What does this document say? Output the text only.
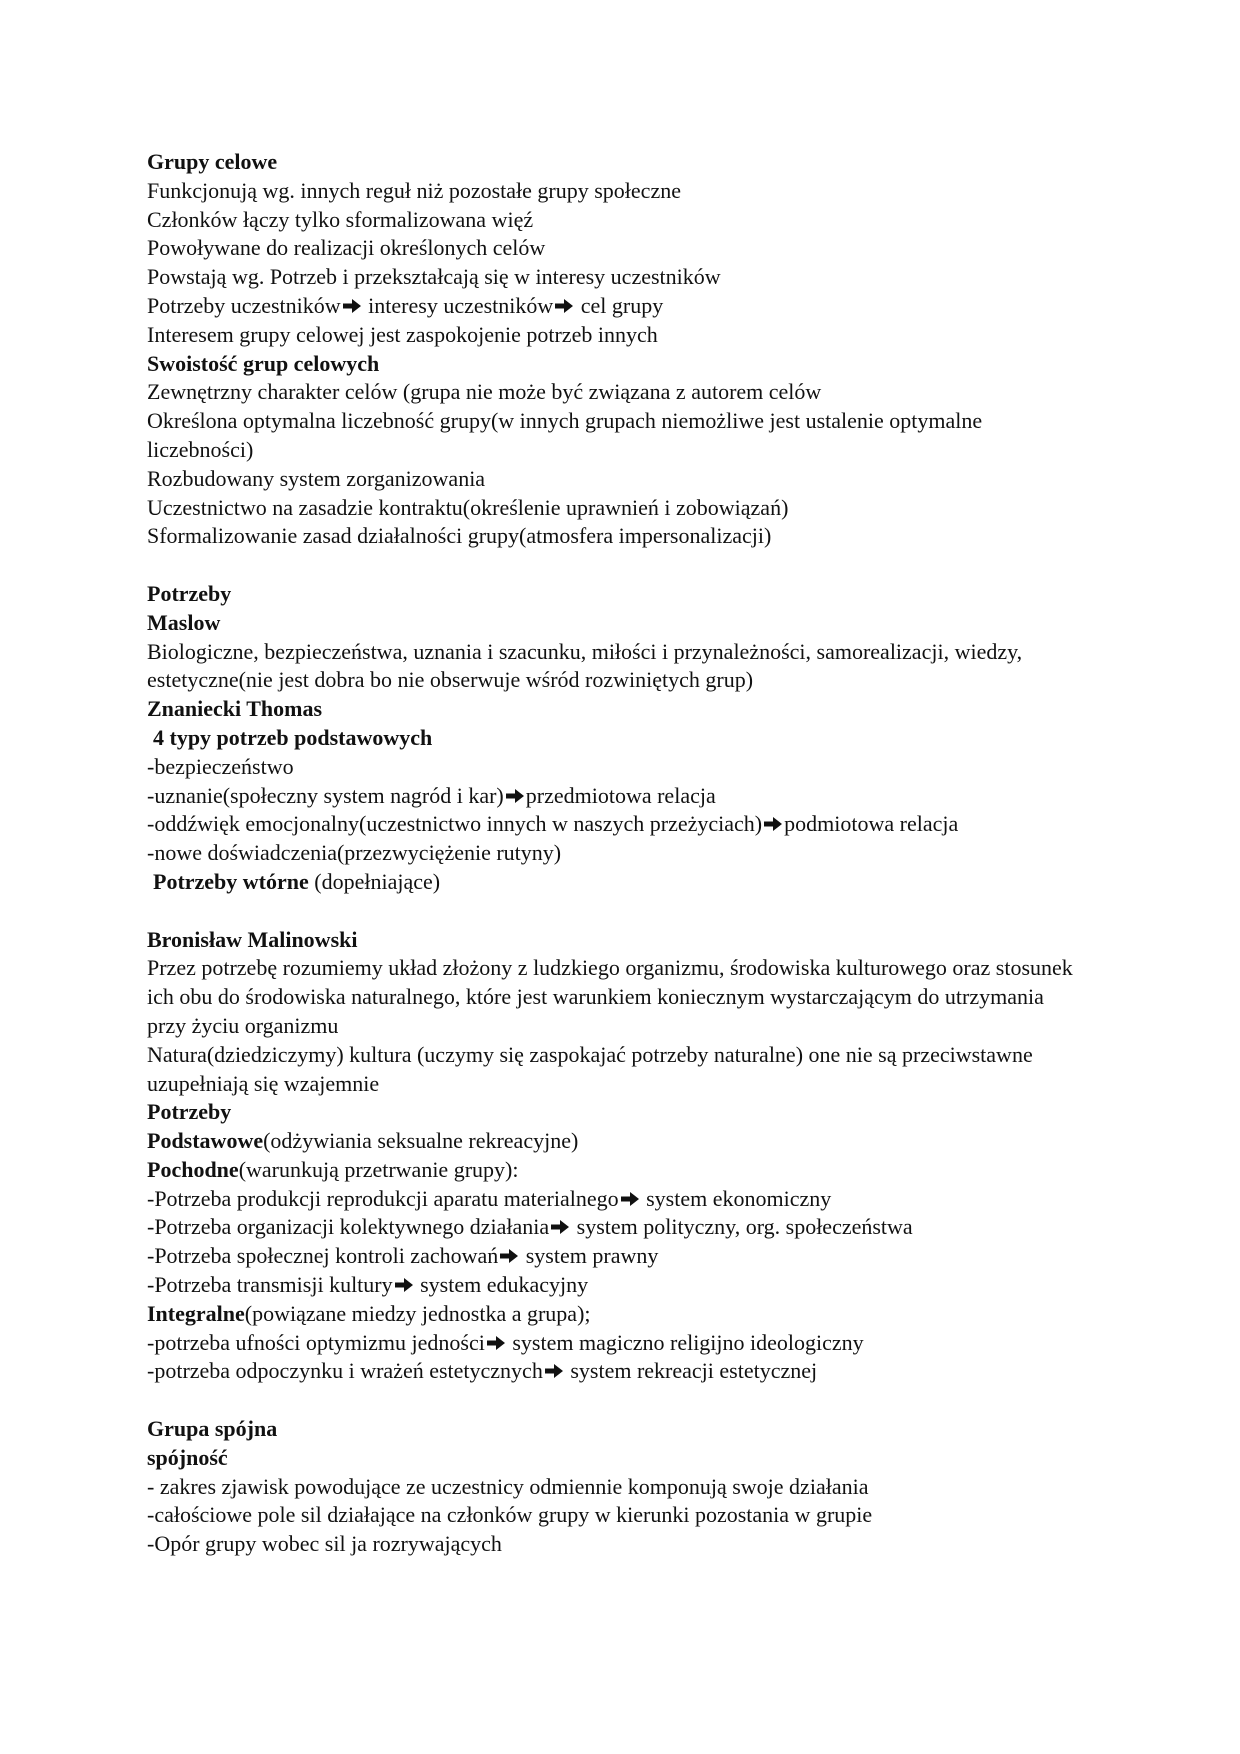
Grupy celowe
Funkcjonują wg. innych reguł niż pozostałe grupy społeczne
Członków łączy tylko sformalizowana więź
Powoływane do realizacji określonych celów
Powstają wg. Potrzeb i przekształcają się w interesy uczestników
Potrzeby uczestników interesy uczestników cel grupy
Interesem grupy celowej jest zaspokojenie potrzeb innych
Swoistość grup celowych
Zewnętrzny charakter celów (grupa nie może być związana z autorem celów
Określona optymalna liczebność grupy(w innych grupach niemożliwe jest ustalenie optymalne liczebności)
Rozbudowany system zorganizowania
Uczestnictwo na zasadzie kontraktu(określenie uprawnień i zobowiązań)
Sformalizowanie zasad działalności grupy(atmosfera impersonalizacji)
Potrzeby
Maslow
Biologiczne, bezpieczeństwa, uznania i szacunku, miłości i przynależności, samorealizacji, wiedzy, estetyczne(nie jest dobra bo nie obserwuje wśród rozwiniętych grup)
Znaniecki Thomas
4 typy potrzeb podstawowych
-bezpieczeństwo
-uznanie(społeczny system nagród i kar) przedmiotowa relacja
-oddźwięk emocjonalny(uczestnictwo innych w naszych przeżyciach) podmiotowa relacja
-nowe doświadczenia(przezwyciężenie rutyny)
Potrzeby wtórne (dopełniające)
Bronisław Malinowski
Przez potrzebę rozumiemy układ złożony z ludzkiego organizmu, środowiska kulturowego oraz stosunek ich obu do środowiska naturalnego, które jest warunkiem koniecznym wystarczającym do utrzymania przy życiu organizmu
Natura(dziedziczymy) kultura (uczymy się zaspokajać potrzeby naturalne) one nie są przeciwstawne uzupełniają się wzajemnie
Potrzeby
Podstawowe(odżywiania seksualne rekreacyjne)
Pochodne(warunkują przetrwanie grupy):
-Potrzeba produkcji reprodukcji aparatu materialnego system ekonomiczny
-Potrzeba organizacji kolektywnego działania system polityczny, org. społeczeństwa
-Potrzeba społecznej kontroli zachowań system prawny
-Potrzeba transmisji kultury system edukacyjny
Integralne(powiązane miedzy jednostka a grupa);
-potrzeba ufności optymizmu jedności system magiczno religijno ideologiczny
-potrzeba odpoczynku i wrażeń estetycznych system rekreacji estetycznej
Grupa spójna
spójność
- zakres zjawisk powodujące ze uczestnicy odmiennie komponują swoje działania
-całościowe pole sil działające na członków grupy w kierunki pozostania w grupie
-Opór grupy wobec sil ja rozrywających
